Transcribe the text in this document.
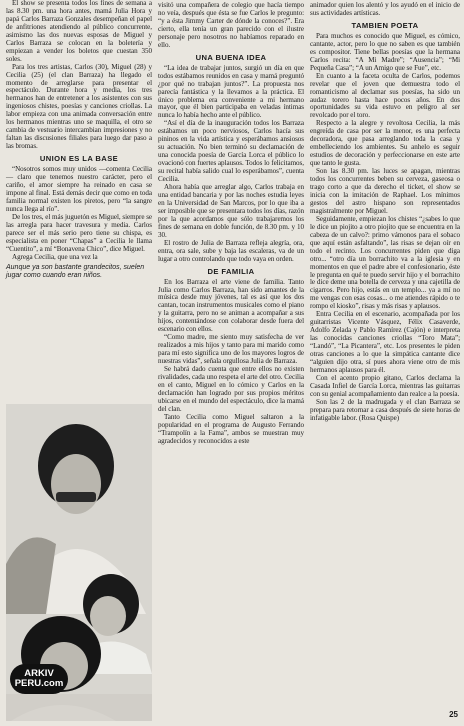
El show se presenta todos los fines de semana a las 8.30 pm. una hora antes, mamá Julia Hora y papá Carlos Barraza Gonzales desempeñan el papel de anfitriones atendiendo al público concurrente, asimismo las dos nuevas esposas de Miguel y Carlos Barraza se colocan en la boletería y empiezan a vender los boletos que cuestan 350 soles.

Para los tres artistas, Carlos (30), Miguel (28) y Cecilia (25) (el clan Barraza) ha llegado el momento de arreglarse para presentar el espectáculo. Durante hora y media, los tres hermanos han de entretener a los asistentes con sus ingeniosos chistes, poesías y canciones criollas. La labor empieza con una animada conversación entre los hermanos mientras uno se maquilla, el otro se cambia de vestuario intercambian impresiones y no faltan las discusiones filiales para luego dar paso a las bromas.

UNION ES LA BASE

“Nosotros somos muy unidos —comenta Cecilia— claro que tenemos nuestro carácter, pero el cariño, el amor siempre ha reinado en casa se impone al final. Está demás decir que como en toda familia normal existen los piretos, pero “la sangre nunca llega al río”.

De los tres, el más juguetón es Miguel, siempre se las arregla para hacer travesura y media. Carlos parece ser el más serio pero tiene su chispa, es especialista en poner “Chapas” a Cecilia le llama “Cuentito”, a mí “Bonavena Chico”, dice Miguel.

Agrega Cecilia, que una vez la

Aunque ya son bastante grandecitos, suelen jugar como cuando eran niños.

ARKIV
PERU.com

visitó una compañera de colegio que hacía tiempo no veía, después que ésta se fue Carlos le pregunto: “y a ésta Jimmy Carter de dónde la conoces?”. Era cierto, ella tenía un gran parecido con el ilustre personaje pero nosotros no habíamos reparado en ello.

UNA BUENA IDEA

“La idea de trabajar juntos, surgió un día en que todos estábamos reunidos en casa y mamá preguntó ¿por qué no trabajan juntos?”. La propuesta nos parecía fantástica y la llevamos a la práctica. El único problema era conveniente a mi hermano mayor, que él bien participaba en veladas íntimas nunca lo había hecho ante el público.

“Así el día de la inauguración todos los Barraza estábamos un poco nerviosos, Carlos hacía sus pininos en la vida artística y esperábamos ansiosos su actuación. No bien terminó su declamación de una conocida poesía de García Lorca el público lo ovacionó con fuertes aplausos. Todos lo felicitamos, su recital había salido cual lo esperábamos”, cuenta Cecilia.

Ahora había que arreglar algo, Carlos trabaja en una entidad bancaria y por las noches estudia leyes en la Universidad de San Marcos, por lo que iba a ser imposible que se presentara todos los días, razón por la que acordamos que sólo trabajaremos los fines de semana en doble función, de 8.30 pm. y 10 30.

El rostro de Julia de Barraza refleja alegría, ora, entra, ora sale, sube y baja las escaleras, va de un lugar a otro controlando que todo vaya en orden.

DE FAMILIA

En los Barraza el arte viene de familia. Tanto Julia como Carlos Barraza, han sido amantes de la música desde muy jóvenes, tal es así que los dos cantan, tocan instrumentos musicales como el piano y la guitarra, pero no se animan a acompañar a sus hijos, contentándose con colaborar desde fuera del escenario con ellos.

“Como madre, me siento muy satisfecha de ver realizados a mis hijos y tanto para mi marido como para mí esto significa uno de los mayores logros de nuestras vidas”, señala orgullosa Julia de Barraza.

Se habrá dado cuenta que entre ellos no existen rivalidades, cada uno respeta el arte del otro. Cecilia en el canto, Miguel en lo cómico y Carlos en la declamación han logrado por sus propios méritos ubicarse en el mundo del espectáculo, dice la mamá del clan.

Tanto Cecilia como Miguel saltaron a la popularidad en el programa de Augusto Ferrando “Trampolín a la Fama”, ambos se muestran muy agradecidos y reconocidos a este

animador quien los alentó y los ayudó en el inicio de sus actividades artísticas.

TAMBIEN POETA

Para muchos es conocido que Miguel, es cómico, cantante, actor, pero lo que no saben es que también es compositor. Tiene bellas poesías que la hermana Carlos recita: “A Mi Madre”; “Ausencia”; “Mi Pequeña Casa”; “A un Amigo que se Fue”, etc.

En cuanto a la faceta oculta de Carlos, podemos revelar que el joven que demuestra todo el romanticismo al declamar sus poesías, ha sido un audaz torero hasta hace pocos años. En dos oportunidades su vida estuvo en peligro al ser revolcado por el toro.

Respecto a la alegre y revoltosa Cecilia, la más engreída de casa por ser la menor, es una perfecta decoradora, que pasa arreglando toda la casa y embelleciendo los ambientes. Su anhelo es seguir estudios de decoración y perfeccionarse en este arte que tanto le gusta.

Son las 8.30 pm. las luces se apagan, mientras todos los concurrentes beben su cerveza, gaseosa o trago corto a que da derecho el ticket, el show se inicia con la imitación de Raphael. Los mínimos gestos del astro hispano son representados magistralmente por Miguel.

Seguidamente, empiezan los chistes “¿sabes lo que le dice un piojito a otro piojito que se encuentra en la cabeza de un calvo?: primo vámonos para el sobaco que aquí están asfaltando”, las risas se dejan oír en todo el recinto. Los concurrentes piden que diga otro... “otro día un borrachito va a la iglesia y en momentos en que el padre abre el confesionario, éste le pregunta en qué te puedo servir hijo y el borrachito le dice deme una botella de cerveza y una cajetilla de cigarros. Pero hijo, estás en un templo... ya a mí no me vengas con esas cosas... o me atiendes rápido o te rompo el kiosko”, risas y más risas y aplausos.

Entra Cecilia en el escenario, acompañada por los guitarristas Vicente Vásquez, Félix Casaverde, Adolfo Zelada y Pablo Ramírez (Cajón) e interpreta las conocidas canciones criollas “Toro Mata”; “Landó”, “La Picantera”, etc. Los presentes le piden otras canciones a lo que la simpática cantante dice “alguien dijo otra, sí pues ahora viene otro de mis hermanos aplausos para él.

Con el acento propio gitano, Carlos declama la Casada Infiel de García Lorca, mientras las guitarras con su genial acompañamiento dan realce a la poesía.

Son las 2 de la madrugada y el clan Barraza se prepara para retornar a casa después de siete horas de infatigable labor. (Rosa Quispe)

25
